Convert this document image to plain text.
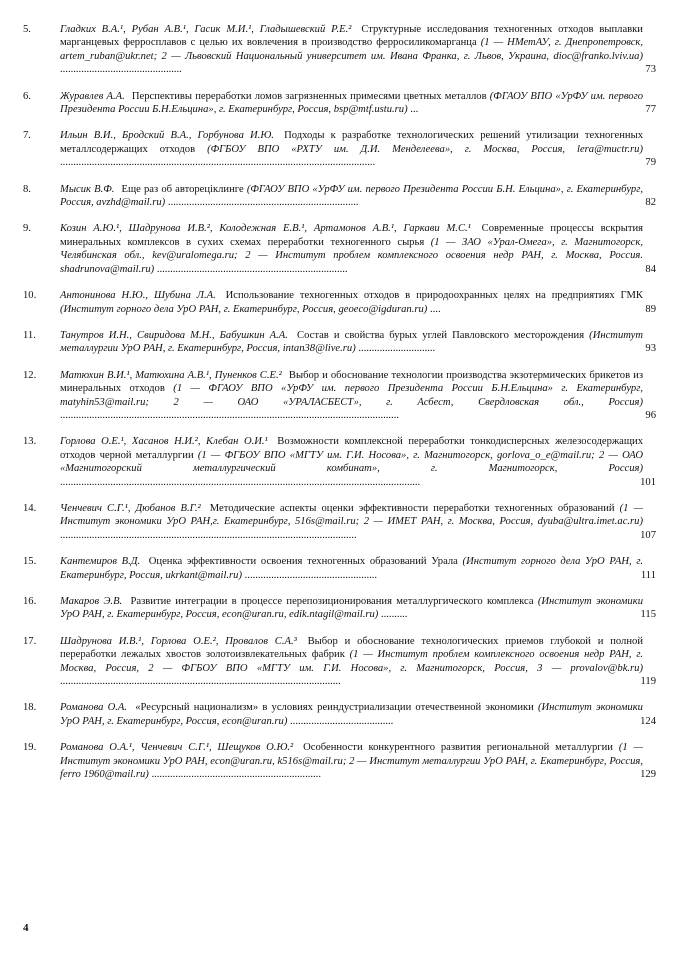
5.	Гладких В.А.¹, Рубан А.В.¹, Гасик М.И.¹, Гладышевский Р.Е.² Структурные исследования техногенных отходов выплавки марганцевых ферросплавов с целью их вовлечения в производство ферросиликомарганца (1 — НМетАУ, г. Днепропетровск, artem_ruban@ukr.net; 2 — Львовский Национальный университет им. Ивана Франка, г. Львов, Украина, dioc@franko.lviv.ua) ..............................................	73
6.	Журавлев А.А. Перспективы переработки ломов загрязненных примесями цветных металлов (ФГАОУ ВПО «УрФУ им. первого Президента России Б.Н.Ельцина», г. Екатеринбург, Россия, bsp@mtf.ustu.ru) ...	77
7.	Ильин В.И., Бродский В.А., Горбунова И.Ю. Подходы к разработке технологических решений утилизации техногенных металлсодержащих отходов (ФГБОУ ВПО «РХТУ им. Д.И. Менделеева», г. Москва, Россия, lera@muctr.ru) .......................................................................................................................	79
8.	Мысик В.Ф. Еще раз об автореціклинге (ФГАОУ ВПО «УрФУ им. первого Президента России Б.Н. Ельцина», г. Екатеринбург, Россия, avzhd@mail.ru) ........................................................................	82
9.	Козин А.Ю.¹, Шадрунова И.В.², Колодежная Е.В.¹, Артамонов А.В.¹, Гаркави М.С.¹ Современные процессы вскрытия минеральных комплексов в сухих схемах переработки техногенного сырья (1 — ЗАО «Урал-Омега», г. Магнитогорск, Челябинская обл., kev@uralomega.ru; 2 — Институт проблем комплексного освоения недр РАН, г. Москва, Россия. shadrunova@mail.ru) ........................................................................	84
10. Антонинова Н.Ю., Шубина Л.А. Использование техногенных отходов в природоохранных целях на предприятиях ГМК (Институт горного дела УрО РАН, г. Екатеринбург, Россия, geoeco@igduran.ru) ....	89
11. Танутров И.Н., Свиридова М.Н., Бабушкин А.А. Состав и свойства бурых углей Павловского месторождения (Институт металлургии УрО РАН, г. Екатеринбург, Россия, intan38@live.ru) .............................	93
12. Матюхин В.И.¹, Матюхина А.В.¹, Пуненков С.Е.² Выбор и обоснование технологии производства экзотермических брикетов из минеральных отходов (1 — ФГАОУ ВПО «УрФУ им. первого Президента России Б.Н.Ельцина» г. Екатеринбург, matyhin53@mail.ru; 2 — ОАО «УРАЛАСБЕСТ», г. Асбест, Свердловская обл., Россия) ................................................................................................................................	96
13. Горлова О.Е.¹, Хасанов Н.И.², Клебан О.И.¹ Возможности комплексной переработки тонкодисперсных железосодержащих отходов черной металлургии (1 — ФГБОУ ВПО «МГТУ им. Г.И. Носова», г. Магнитогорск, gorlova_o_e@mail.ru; 2 — ОАО «Магнитогорский металлургический комбинат», г. Магнитогорск, Россия) ........................................................................................................................................	101
14. Ченчевич С.Г.¹, Дюбанов В.Г.² Методические аспекты оценки эффективности переработки техногенных образований (1 — Институт экономики УрО РАН,г. Екатеринбург, 516s@mail.ru; 2 — ИМЕТ РАН, г. Москва, Россия, dyuba@ultra.imet.ac.ru) ................................................................................................................	107
15. Кантемиров В.Д. Оценка эффективности освоения техногенных образований Урала (Институт горного дела УрО РАН, г. Екатеринбург, Россия, ukrkant@mail.ru) ..................................................	111
16. Макаров Э.В. Развитие интеграции в процессе перепозиционирования металлургического комплекса (Институт экономики УрО РАН, г. Екатеринбург, Россия, econ@uran.ru, edik.ntagil@mail.ru) ..........	115
17. Шадрунова И.В.¹, Горлова О.Е.², Провалов С.А.³ Выбор и обоснование технологических приемов глубокой и полной переработки лежалых хвостов золотоизвлекательных фабрик (1 — Институт проблем комплексного освоения недр РАН, г. Москва, Россия, 2 — ФГБОУ ВПО «МГТУ им. Г.И. Носова», г. Магнитогорск, Россия, 3 — provalov@bk.ru) ..........................................................................................................	119
18. Романова О.А. «Ресурсный национализм» в условиях реиндустриализации отечественной экономики (Институт экономики УрО РАН, г. Екатеринбург, Россия, econ@uran.ru) .......................................	124
19. Романова О.А.¹, Ченчевич С.Г.¹, Шещуков О.Ю.² Особенности конкурентного развития региональной металлургии (1 — Институт экономики УрО РАН, econ@uran.ru, k516s@mail.ru; 2 — Институт металлургии УрО РАН, г. Екатеринбург, Россия, ferro 1960@mail.ru) ................................................................	129
4
